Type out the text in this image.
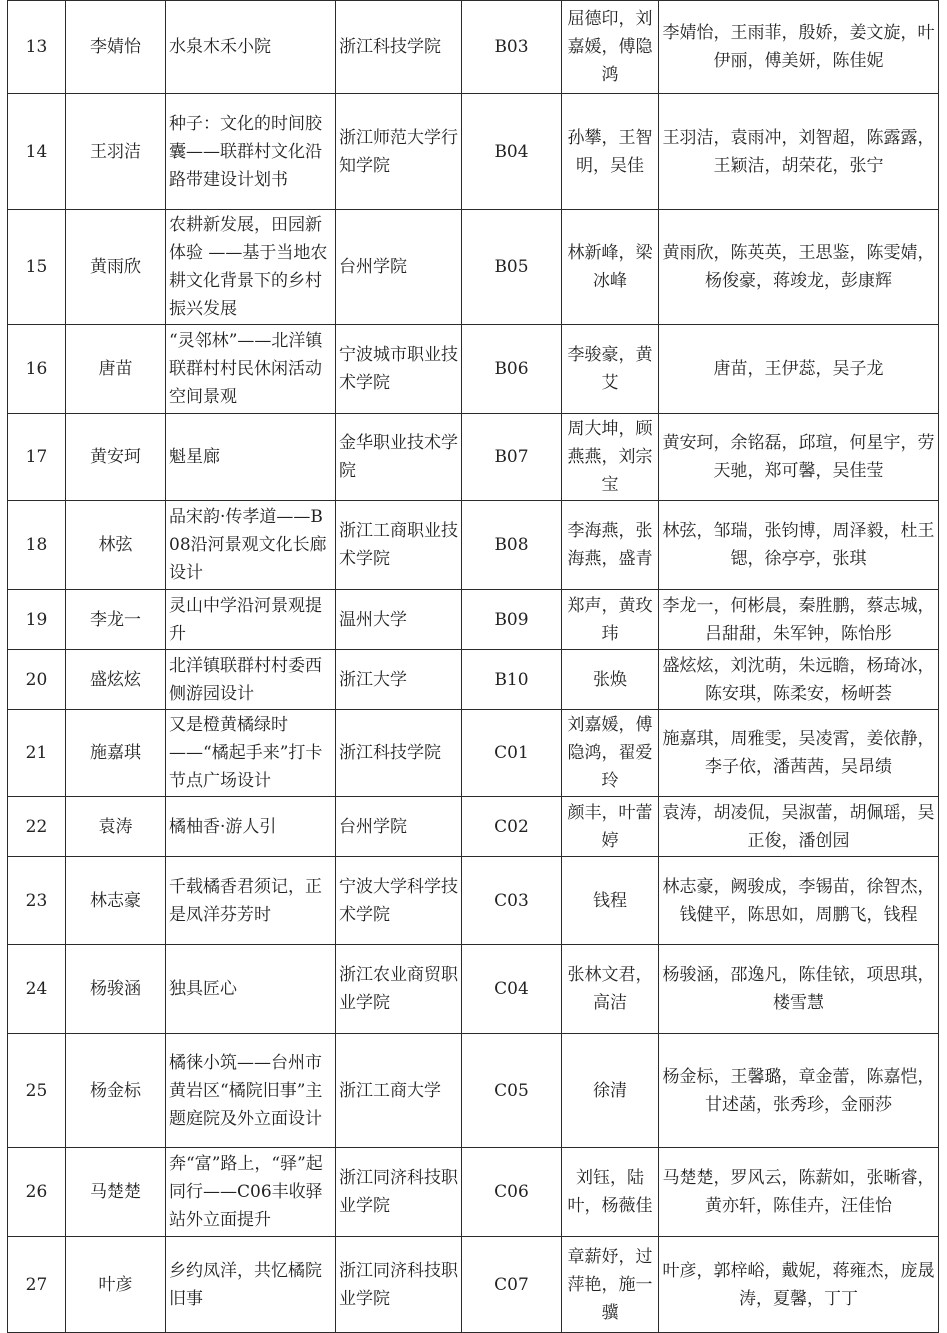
13	李婧怡	水泉木禾小院	浙江科技学院	B03	屈德印，刘嘉媛，傅隐鸿	李婧怡，王雨菲，殷娇，姜文旋，叶伊丽，傅美妍，陈佳妮
14	王羽洁	种子：文化的时间胶囊——联群村文化沿路带建设计划书	浙江师范大学行知学院	B04	孙攀，王智明，吴佳	王羽洁，袁雨冲，刘智超，陈露露，王颖洁，胡荣花，张宁
15	黄雨欣	农耕新发展，田园新体验 ——基于当地农耕文化背景下的乡村振兴发展	台州学院	B05	林新峰，梁冰峰	黄雨欣，陈英英，王思鉴，陈雯婧，杨俊豪，蒋竣龙，彭康辉
16	唐苗	“灵邻林”——北洋镇联群村村民休闲活动空间景观	宁波城市职业技术学院	B06	李骏豪，黄艾	唐苗，王伊蕊，吴子龙
17	黄安珂	魁星廊	金华职业技术学院	B07	周大坤，顾燕燕，刘宗宝	黄安珂，余铭磊，邱瑄，何星宇，劳天驰，郑可馨，吴佳莹
18	林弦	品宋韵·传孝道——B08沿河景观文化长廊设计	浙江工商职业技术学院	B08	李海燕，张海燕，盛青	林弦，邹瑞，张钧博，周泽毅，杜王锶，徐亭亭，张琪
19	李龙一	灵山中学沿河景观提升	温州大学	B09	郑声，黄玫玮	李龙一，何彬晨，秦胜鹏，蔡志城，吕甜甜，朱军钟，陈怡彤
20	盛炫炫	北洋镇联群村村委西侧游园设计	浙江大学	B10	张焕	盛炫炫，刘沈萌，朱远瞻，杨琦冰，陈安琪，陈柔安，杨岍荟
21	施嘉琪	又是橙黄橘绿时——“橘起手来”打卡节点广场设计	浙江科技学院	C01	刘嘉媛，傅隐鸿，翟爱玲	施嘉琪，周雅雯，吴凌霄，姜依静，李子依，潘茜茜，吴昂绩
22	袁涛	橘柚香·游人引	台州学院	C02	颜丰，叶蕾婷	袁涛，胡凌侃，吴淑蕾，胡佩瑶，吴正俊，潘创园
23	林志豪	千载橘香君须记，正是凤洋芬芳时	宁波大学科学技术学院	C03	钱程	林志豪，阙骏成，李锡苗，徐智杰，钱健平，陈思如，周鹏飞，钱程
24	杨骏涵	独具匠心	浙江农业商贸职业学院	C04	张林文君，高洁	杨骏涵，邵逸凡，陈佳铱，项思琪，楼雪慧
25	杨金标	橘徕小筑——台州市黄岩区“橘院旧事”主题庭院及外立面设计	浙江工商大学	C05	徐清	杨金标，王馨璐，章金蕾，陈嘉恺，甘述菡，张秀珍，金丽莎
26	马楚楚	奔“富”路上，“驿”起同行——C06丰收驿站外立面提升	浙江同济科技职业学院	C06	刘钰，陆叶，杨薇佳	马楚楚，罗风云，陈薪如，张晰睿，黄亦轩，陈佳卉，汪佳怡
27	叶彦	乡约凤洋，共忆橘院旧事	浙江同济科技职业学院	C07	章薪妤，过萍艳，施一骥	叶彦，郭梓峪，戴妮，蒋雍杰，庞晟涛，夏馨，丁丁
